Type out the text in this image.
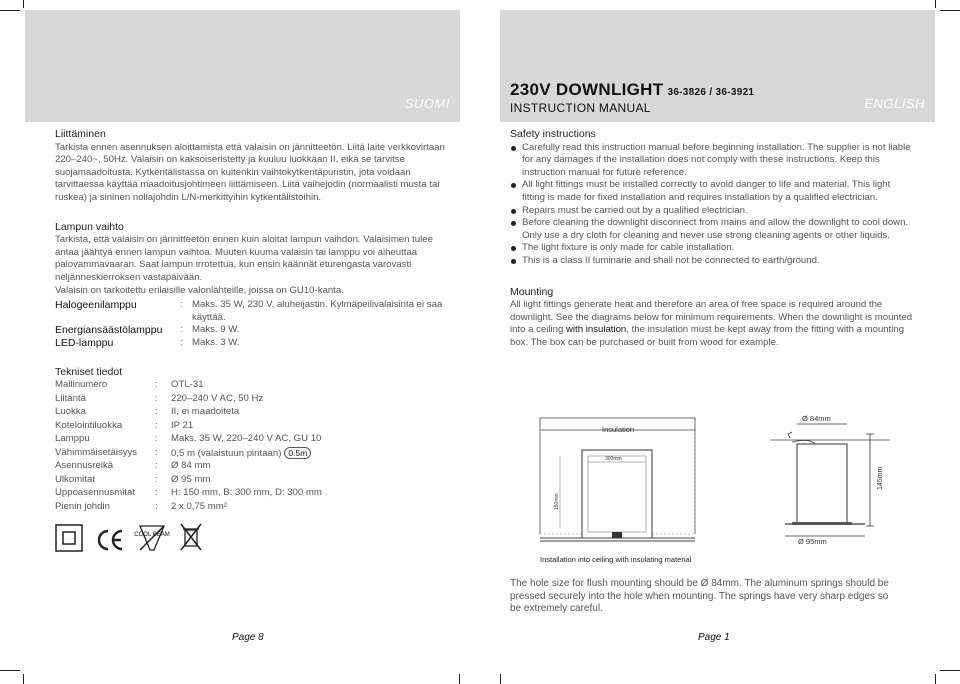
SUOMI
Liittäminen
Tarkista ennen asennuksen aloittamista että valaisin on jännitteetön. Liitä laite verkkovirtaan 220–240~, 50Hz. Valaisin on kaksoiseristetty ja kuuluu luokkaan II, eikä se tarvitse suojamaadoitusta. Kytkentälistassa on kuitenkin vaihtokytkentäpuristin, jota voidaan tarvittaessa käyttää maadoitusjohtimeen liittämiseen. Liitä vaihejodin (normaalisti musta tai ruskea) ja sininen nollajohdin L/N-merkittyihin kytkentälistoihin.
Lampun vaihto
Tarkista, että valaisin on jännitteetön ennen kuin aloitat lampun vaihdon. Valaisimen tulee antaa jäähtyä ennen lampun vaihtoa. Muuten kuuma valaisin tai lamppu voi aiheuttaa palovammavaaran. Saat lampun irrotettua, kun ensin käännät eturengasta varovasti neljänneskierroksen vastapäivään.
Valaisin on tarkoitettu erilaisille valonlähteille, joissa on GU10-kanta.
Halogeenilamppu	: Maks. 35 W, 230 V, aluheijastin. Kylmäpeilivalaisinta ei saa käyttää.
Energiansäästölamppu	: Maks. 9 W.
LED-lamppu	: Maks. 3 W.
Tekniset tiedot
Mallinumero	:	OTL-31
Liitäntä	:	220–240 V AC, 50 Hz
Luokka	:	II, ei maadoiteta
Kotelointiluokka	:	IP 21
Lamppu	:	Maks. 35 W, 220–240 V AC, GU 10
Vähimmäisetäisyys	:	0,5 m (valaistuun pintaan) 0.5m
Asennusreikä	:	Ø 84 mm
Ulkomitat	:	Ø 95 mm
Uppoasennusmitat	:	H: 150 mm, B: 300 mm, D: 300 mm
Pienin johdin	:	2 x 0,75 mm²
COOL BEAM
Page 8
230V DOWNLIGHT 36-3826 / 36-3921
INSTRUCTION MANUAL	ENGLISH
Safety instructions
Carefully read this instruction manual before beginning installation. The supplier is not liable for any damages if the installation does not comply with these instructions. Keep this instruction manual for future reference.
All light fittings must be installed correctly to avoid danger to life and material. This light fitting is made for fixed installation and requires installation by a qualified electrician.
Repairs must be carried out by a qualified electrician.
Before cleaning the downlight disconnect from mains and allow the downlight to cool down. Only use a dry cloth for cleaning and never use strong cleaning agents or other liquids.
The light fixture is only made for cable installation.
This is a class II luminarie and shall not be connected to earth/ground.
Mounting
All light fittings generate heat and therefore an area of free space is required around the downlight. See the diagrams below for minimum requirements. When the downlight is mounted into a ceiling with insulation, the insulation must be kept away from the fitting with a mounting box. The box can be purchased or built from wood for example.
Insulation
300mm
150mm
Ø 84mm
145mm
Ø 95mm
Installation into ceiling with insulating material
The hole size for flush mounting should be Ø 84mm. The aluminum springs should be pressed securely into the hole when mounting. The springs have very sharp edges so be extremely careful.
Page 1
